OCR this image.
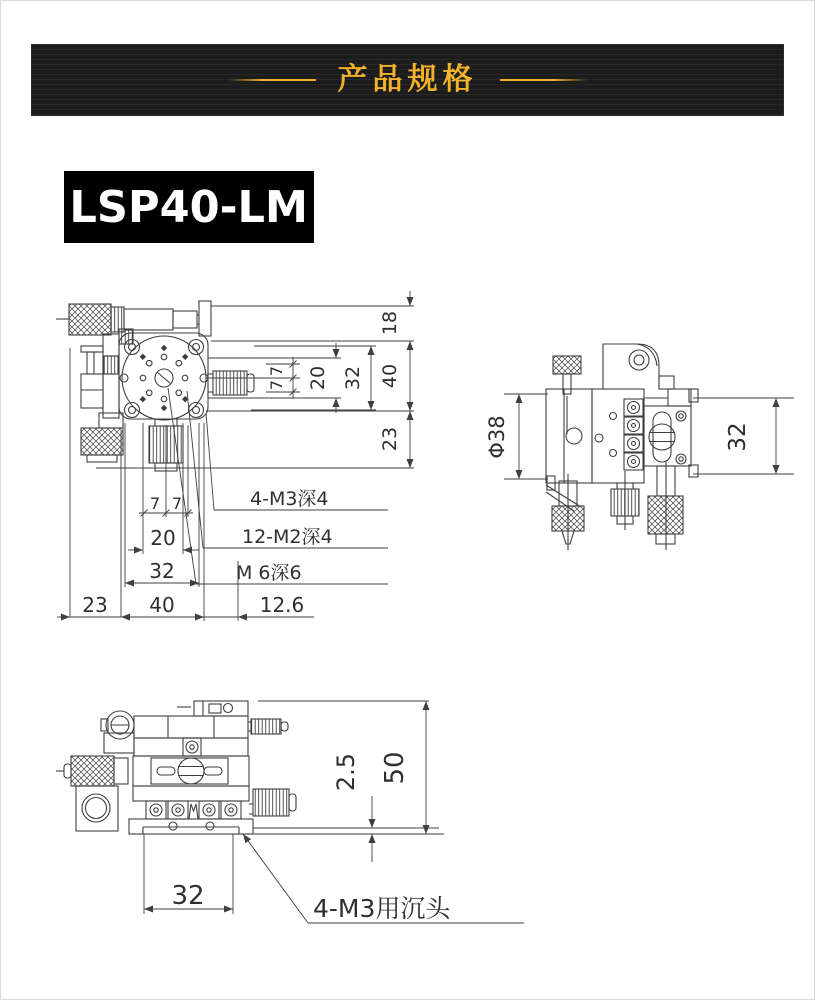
产品规格
LSP40-LM
18
40
32
20
7
7
23
7 7
20
32
23 40	12.6
4-M3深4
12-M2深4
M 6深6
Φ38	32
2.5 50
32	4-M3用沉头
